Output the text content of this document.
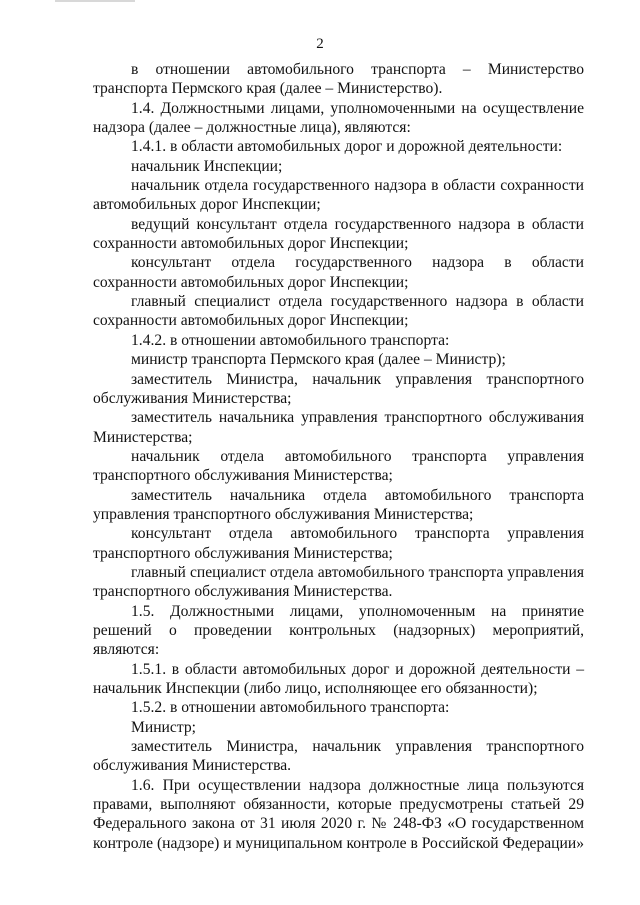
2

в отношении автомобильного транспорта – Министерство транспорта Пермского края (далее – Министерство).

1.4. Должностными лицами, уполномоченными на осуществление надзора (далее – должностные лица), являются:

1.4.1. в области автомобильных дорог и дорожной деятельности:

начальник Инспекции;

начальник отдела государственного надзора в области сохранности автомобильных дорог Инспекции;

ведущий консультант отдела государственного надзора в области сохранности автомобильных дорог Инспекции;

консультант отдела государственного надзора в области сохранности автомобильных дорог Инспекции;

главный специалист отдела государственного надзора в области сохранности автомобильных дорог Инспекции;

1.4.2. в отношении автомобильного транспорта:

министр транспорта Пермского края (далее – Министр);

заместитель Министра, начальник управления транспортного обслуживания Министерства;

заместитель начальника управления транспортного обслуживания Министерства;

начальник отдела автомобильного транспорта управления транспортного обслуживания Министерства;

заместитель начальника отдела автомобильного транспорта управления транспортного обслуживания Министерства;

консультант отдела автомобильного транспорта управления транспортного обслуживания Министерства;

главный специалист отдела автомобильного транспорта управления транспортного обслуживания Министерства.

1.5. Должностными лицами, уполномоченным на принятие решений о проведении контрольных (надзорных) мероприятий, являются:

1.5.1. в области автомобильных дорог и дорожной деятельности – начальник Инспекции (либо лицо, исполняющее его обязанности);

1.5.2. в отношении автомобильного транспорта:

Министр;

заместитель Министра, начальник управления транспортного обслуживания Министерства.

1.6. При осуществлении надзора должностные лица пользуются правами, выполняют обязанности, которые предусмотрены статьей 29 Федерального закона от 31 июля 2020 г. № 248-ФЗ «О государственном контроле (надзоре) и муниципальном контроле в Российской Федерации»
